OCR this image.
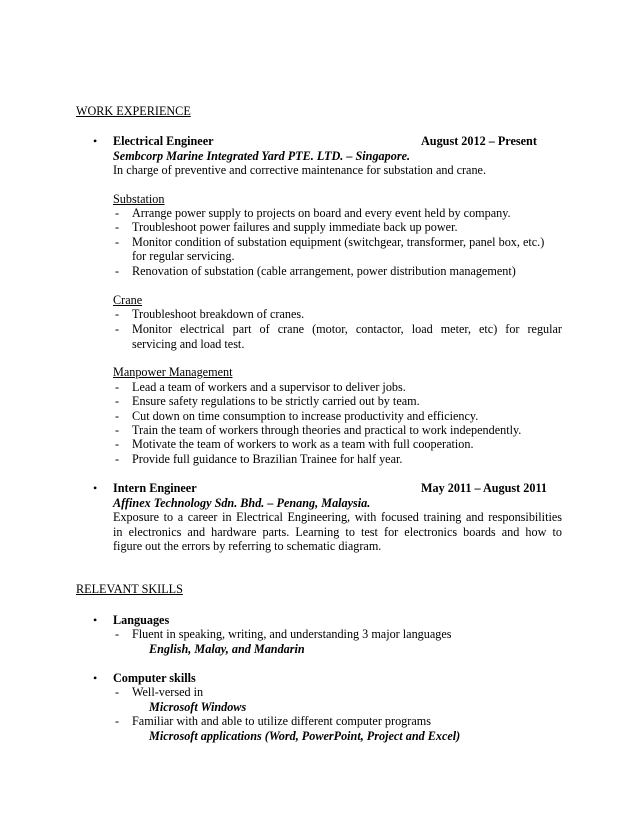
WORK EXPERIENCE
• Electrical Engineer	August 2012 – Present
Sembcorp Marine Integrated Yard PTE. LTD. – Singapore.
In charge of preventive and corrective maintenance for substation and crane.
Substation
- Arrange power supply to projects on board and every event held by company.
- Troubleshoot power failures and supply immediate back up power.
- Monitor condition of substation equipment (switchgear, transformer, panel box, etc.)
for regular servicing.
- Renovation of substation (cable arrangement, power distribution management)
Crane
- Troubleshoot breakdown of cranes.
- Monitor electrical part of crane (motor, contactor, load meter, etc) for regular
servicing and load test.
Manpower Management
- Lead a team of workers and a supervisor to deliver jobs.
- Ensure safety regulations to be strictly carried out by team.
- Cut down on time consumption to increase productivity and efficiency.
- Train the team of workers through theories and practical to work independently.
- Motivate the team of workers to work as a team with full cooperation.
- Provide full guidance to Brazilian Trainee for half year.
• Intern Engineer	May 2011 – August 2011
Affinex Technology Sdn. Bhd. – Penang, Malaysia.
Exposure to a career in Electrical Engineering, with focused training and responsibilities
in electronics and hardware parts. Learning to test for electronics boards and how to
figure out the errors by referring to schematic diagram.
RELEVANT SKILLS
• Languages
- Fluent in speaking, writing, and understanding 3 major languages
English, Malay, and Mandarin
• Computer skills
- Well-versed in
Microsoft Windows
- Familiar with and able to utilize different computer programs
Microsoft applications (Word, PowerPoint, Project and Excel)
